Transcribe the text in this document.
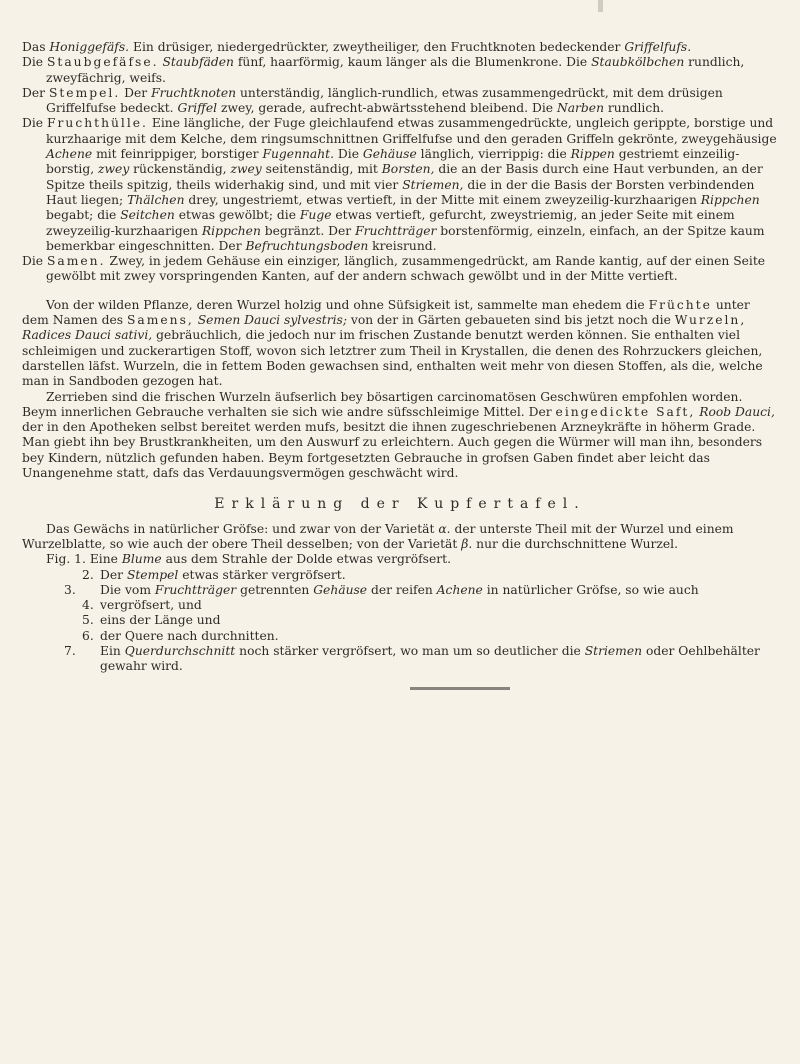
Das Honiggefäfs. Ein drüsiger, niedergedrückter, zweytheiliger, den Fruchtknoten bedeckender Griffelfufs.

Die Staubgefäfse. Staubfäden fünf, haarförmig, kaum länger als die Blumenkrone. Die Staubkölbchen rundlich, zweyfächrig, weifs.

Der Stempel. Der Fruchtknoten unterständig, länglich-rundlich, etwas zusammengedrückt, mit dem drüsigen Griffelfufse bedeckt. Griffel zwey, gerade, aufrecht-abwärtsstehend bleibend. Die Narben rundlich.

Die Fruchthülle. Eine längliche, der Fuge gleichlaufend etwas zusammengedrückte, ungleich gerippte, borstige und kurzhaarige mit dem Kelche, dem ringsumschnittnen Griffelfufse und den geraden Griffeln gekrönte, zweygehäusige Achene mit feinrippiger, borstiger Fugennaht. Die Gehäuse länglich, vierrippig: die Rippen gestriemt einzeilig-borstig, zwey rückenständig, zwey seitenständig, mit Borsten, die an der Basis durch eine Haut verbunden, an der Spitze theils spitzig, theils widerhakig sind, und mit vier Striemen, die in der die Basis der Borsten verbindenden Haut liegen; Thälchen drey, ungestriemt, etwas vertieft, in der Mitte mit einem zweyzeilig-kurzhaarigen Rippchen begabt; die Seitchen etwas gewölbt; die Fuge etwas vertieft, gefurcht, zweystriemig, an jeder Seite mit einem zweyzeilig-kurzhaarigen Rippchen begränzt. Der Fruchtträger borstenförmig, einzeln, einfach, an der Spitze kaum bemerkbar eingeschnitten. Der Befruchtungsboden kreisrund.

Die Samen. Zwey, in jedem Gehäuse ein einziger, länglich, zusammengedrückt, am Rande kantig, auf der einen Seite gewölbt mit zwey vorspringenden Kanten, auf der andern schwach gewölbt und in der Mitte vertieft.

Von der wilden Pflanze, deren Wurzel holzig und ohne Süfsigkeit ist, sammelte man ehedem die Früchte unter dem Namen des Samens, Semen Dauci sylvestris; von der in Gärten gebaueten sind bis jetzt noch die Wurzeln, Radices Dauci sativi, gebräuchlich, die jedoch nur im frischen Zustande benutzt werden können. Sie enthalten viel schleimigen und zuckerartigen Stoff, wovon sich letztrer zum Theil in Krystallen, die denen des Rohrzuckers gleichen, darstellen läfst. Wurzeln, die in fettem Boden gewachsen sind, enthalten weit mehr von diesen Stoffen, als die, welche man in Sandboden gezogen hat.

Zerrieben sind die frischen Wurzeln äufserlich bey bösartigen carcinomatösen Geschwüren empfohlen worden. Beym innerlichen Gebrauche verhalten sie sich wie andre süfsschleimige Mittel. Der eingedickte Saft, Roob Dauci, der in den Apotheken selbst bereitet werden mufs, besitzt die ihnen zugeschriebenen Arzneykräfte in höherm Grade. Man giebt ihn bey Brustkrankheiten, um den Auswurf zu erleichtern. Auch gegen die Würmer will man ihn, besonders bey Kindern, nützlich gefunden haben. Beym fortgesetzten Gebrauche in grofsen Gaben findet aber leicht das Unangenehme statt, dafs das Verdauungsvermögen geschwächt wird.

Erklärung der Kupfertafel.

Das Gewächs in natürlicher Gröfse: und zwar von der Varietät α. der unterste Theil mit der Wurzel und einem Wurzelblatte, so wie auch der obere Theil desselben; von der Varietät β. nur die durchschnittene Wurzel.

Fig. 1. Eine Blume aus dem Strahle der Dolde etwas vergröfsert.

2. Der Stempel etwas stärker vergröfsert.

3. Die vom Fruchtträger getrennten Gehäuse der reifen Achene in natürlicher Gröfse, so wie auch

4. vergröfsert, und

5. eins der Länge und

6. der Quere nach durchnitten.

7. Ein Querdurchschnitt noch stärker vergröfsert, wo man um so deutlicher die Striemen oder Oehlbehälter gewahr wird.
